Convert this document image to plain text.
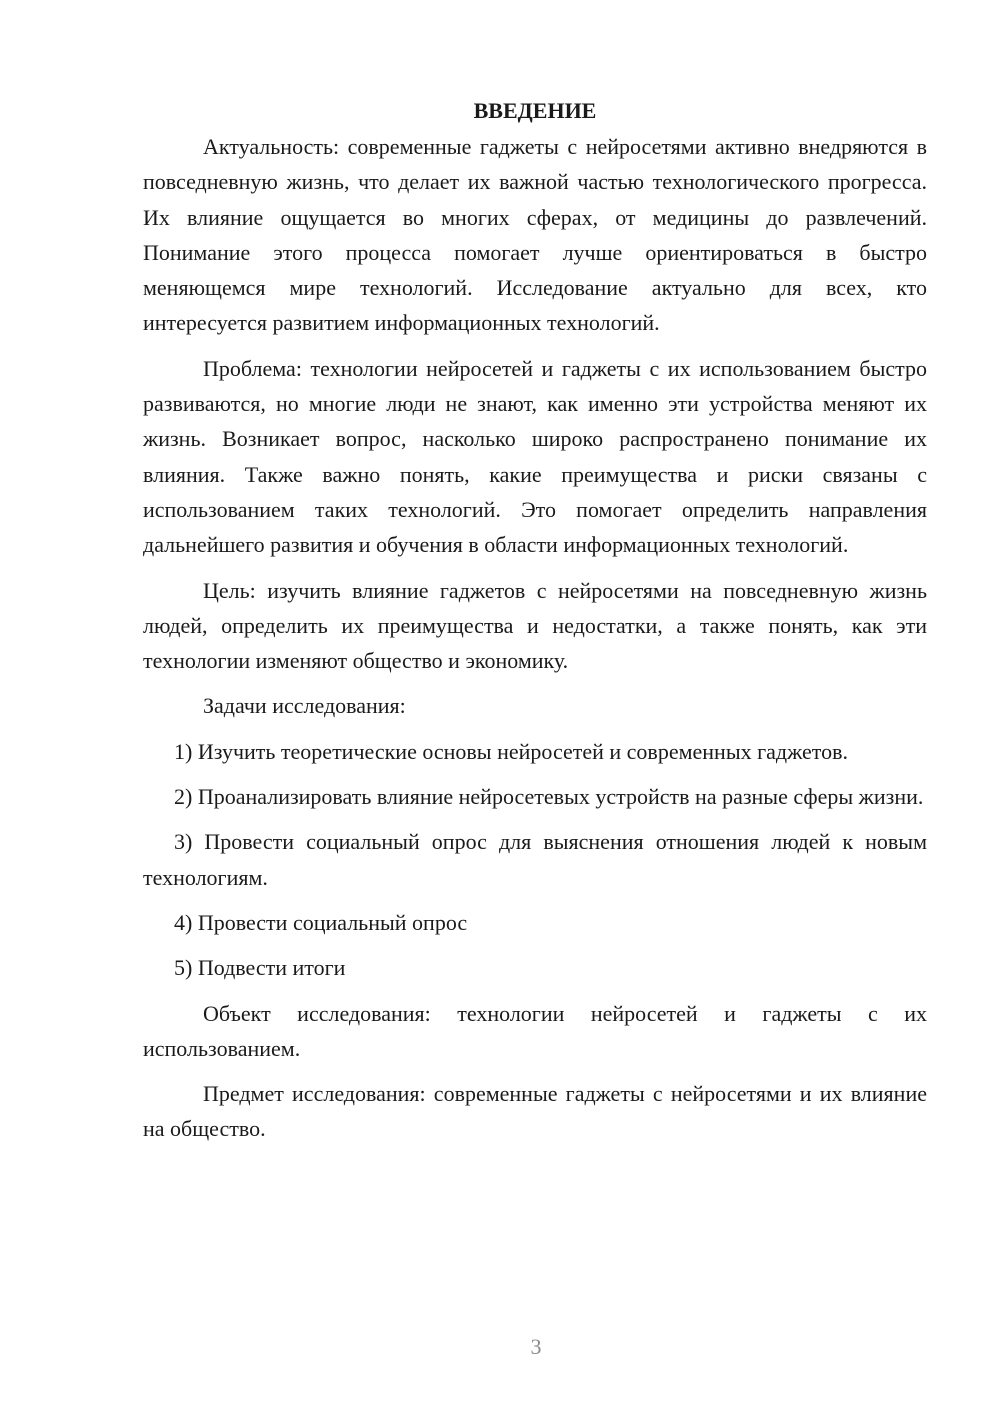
ВВЕДЕНИЕ

Актуальность: современные гаджеты с нейросетями активно внедряются в повседневную жизнь, что делает их важной частью технологического прогресса. Их влияние ощущается во многих сферах, от медицины до развлечений. Понимание этого процесса помогает лучше ориентироваться в быстро меняющемся мире технологий. Исследование актуально для всех, кто интересуется развитием информационных технологий.

Проблема: технологии нейросетей и гаджеты с их использованием быстро развиваются, но многие люди не знают, как именно эти устройства меняют их жизнь. Возникает вопрос, насколько широко распространено понимание их влияния. Также важно понять, какие преимущества и риски связаны с использованием таких технологий. Это помогает определить направления дальнейшего развития и обучения в области информационных технологий.

Цель: изучить влияние гаджетов с нейросетями на повседневную жизнь людей, определить их преимущества и недостатки, а также понять, как эти технологии изменяют общество и экономику.

Задачи исследования:

1) Изучить теоретические основы нейросетей и современных гаджетов.

2) Проанализировать влияние нейросетевых устройств на разные сферы жизни.

3) Провести социальный опрос для выяснения отношения людей к новым технологиям.

4) Провести социальный опрос

5) Подвести итоги

Объект исследования: технологии нейросетей и гаджеты с их использованием.

Предмет исследования: современные гаджеты с нейросетями и их влияние на общество.

3
